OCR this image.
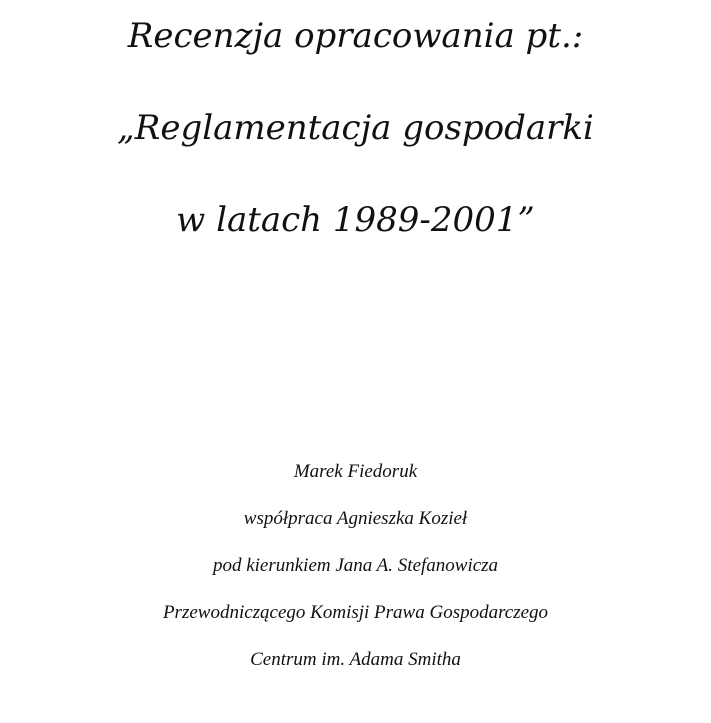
Recenzja opracowania pt.:
„Reglamentacja gospodarki
w latach 1989-2001”
Marek Fiedoruk
współpraca Agnieszka Kozieł
pod kierunkiem Jana A. Stefanowicza
Przewodniczącego Komisji Prawa Gospodarczego
Centrum im. Adama Smitha
